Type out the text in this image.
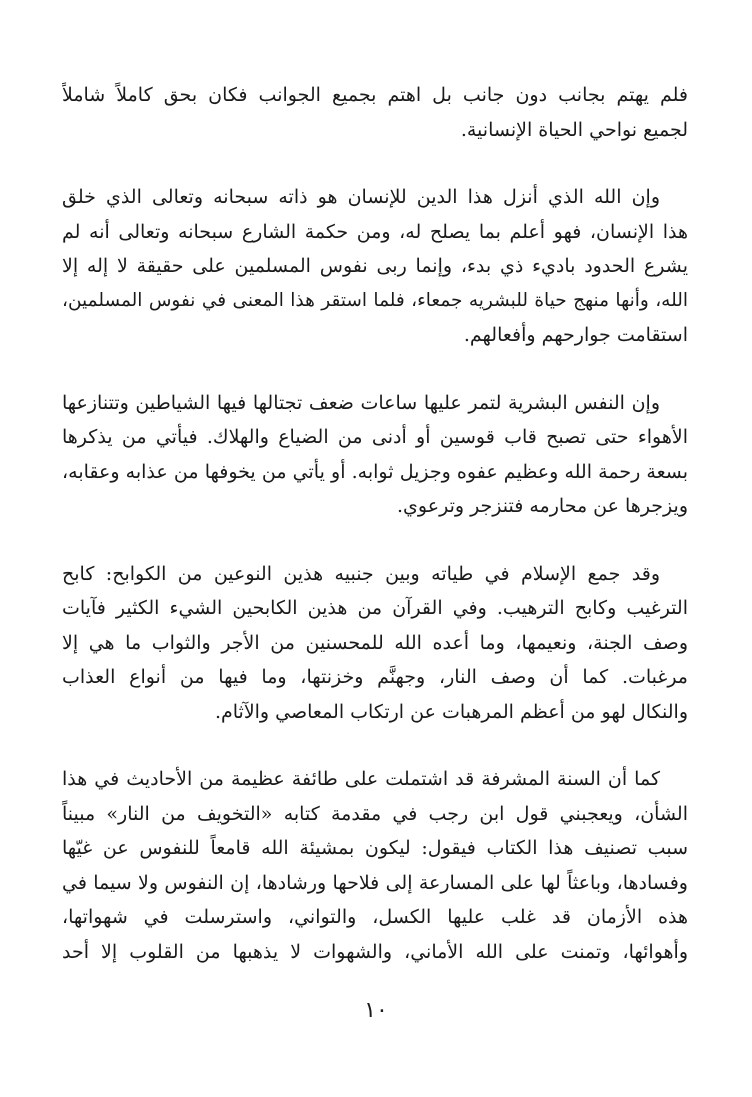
فلم يهتم بجانب دون جانب بل اهتم بجميع الجوانب فكان بحق كاملاً شاملاً
لجميع نواحي الحياة الإنسانية.
وإن الله الذي أنزل هذا الدين للإنسان هو ذاته سبحانه وتعالى الذي خلق
هذا الإنسان، فهو أعلم بما يصلح له، ومن حكمة الشارع سبحانه وتعالى أنه لم
يشرع الحدود باديء ذي بدء، وإنما ربى نفوس المسلمين على حقيقة لا إله إلا
الله، وأنها منهج حياة للبشريه جمعاء، فلما استقر هذا المعنى في نفوس المسلمين،
استقامت جوارحهم وأفعالهم.
وإن النفس البشرية لتمر عليها ساعات ضعف تجتالها فيها الشياطين وتتنازعها
الأهواء حتى تصبح قاب قوسين أو أدنى من الضياع والهلاك. فيأتي من يذكرها
بسعة رحمة الله وعظيم عفوه وجزيل ثوابه. أو يأتي من يخوفها من عذابه وعقابه،
ويزجرها عن محارمه فتنزجر وترعوي.
وقد جمع الإسلام في طياته وبين جنبيه هذين النوعين من الكوابح: كابح
الترغيب وكابح الترهيب. وفي القرآن من هذين الكابحين الشيء الكثير فآيات
وصف الجنة، ونعيمها، وما أعده الله للمحسنين من الأجر والثواب ما هي إلا
مرغبات. كما أن وصف النار، وجهنَّم وخزنتها، وما فيها من أنواع العذاب
والنكال لهو من أعظم المرهبات عن ارتكاب المعاصي والآثام.
كما أن السنة المشرفة قد اشتملت على طائفة عظيمة من الأحاديث في هذا
الشأن، ويعجبني قول ابن رجب في مقدمة كتابه «التخويف من النار» مبيناً
سبب تصنيف هذا الكتاب فيقول: ليكون بمشيئة الله قامعاً للنفوس عن غيّها
وفسادها، وباعثاً لها على المسارعة إلى فلاحها ورشادها، إن النفوس ولا سيما في
هذه الأزمان قد غلب عليها الكسل، والتواني، واسترسلت في شهواتها،
وأهوائها، وتمنت على الله الأماني، والشهوات لا يذهبها من القلوب إلا أحد
١٠
